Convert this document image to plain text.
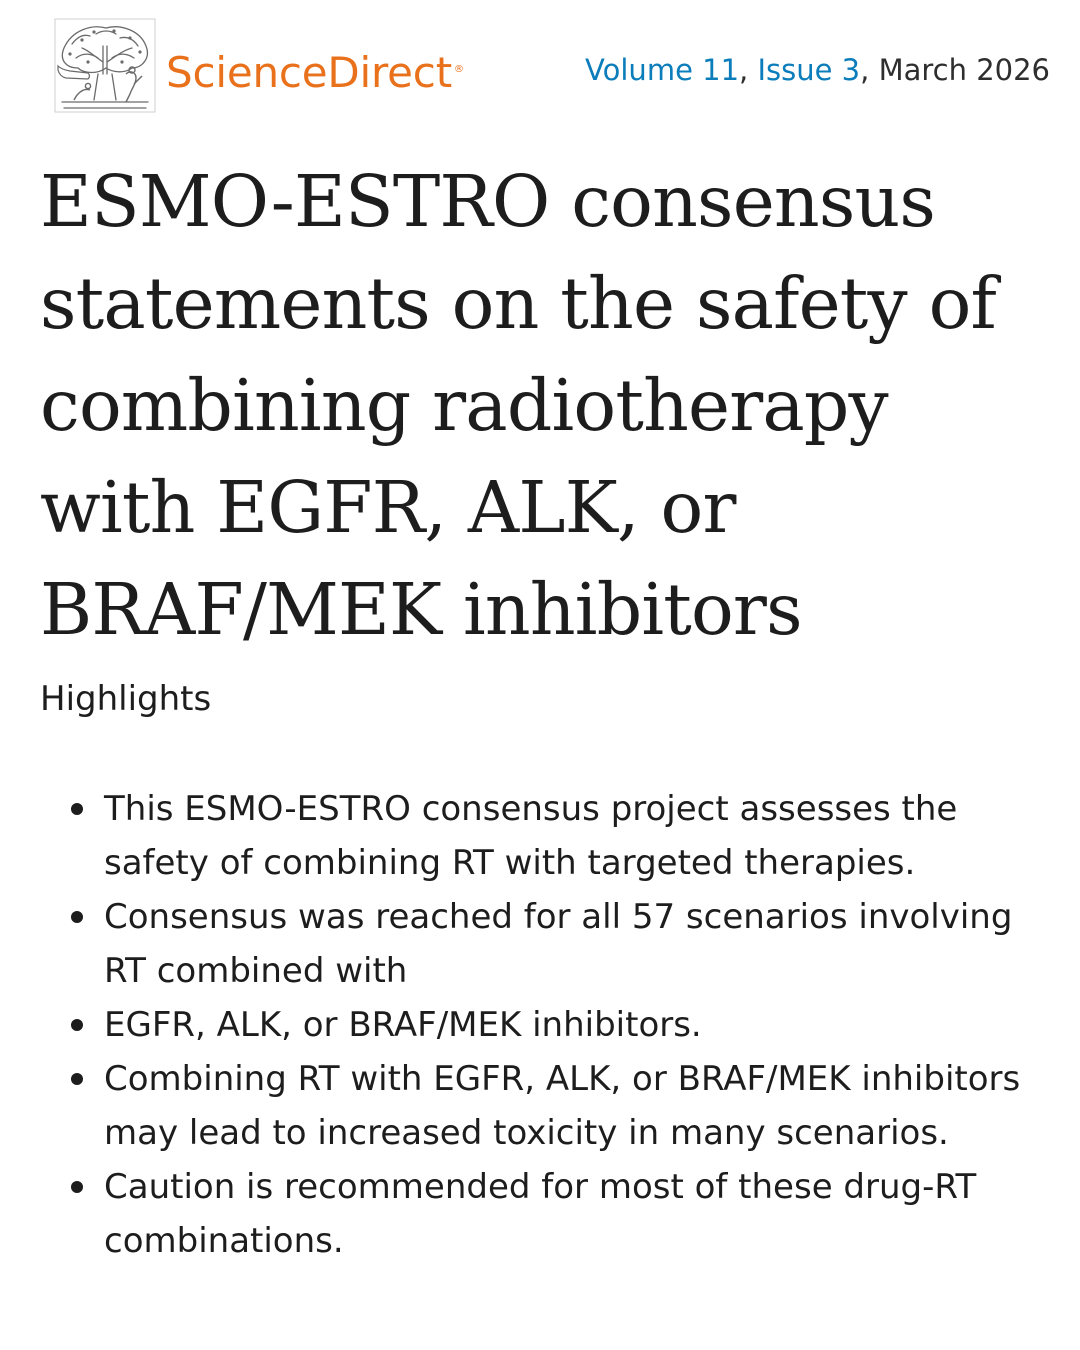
ScienceDirect ®	Volume 11, Issue 3, March 2026
ESMO-ESTRO consensus statements on the safety of combining radiotherapy with EGFR, ALK, or BRAF/MEK inhibitors
Highlights
This ESMO-ESTRO consensus project assesses the safety of combining RT with targeted therapies.
Consensus was reached for all 57 scenarios involving RT combined with
EGFR, ALK, or BRAF/MEK inhibitors.
Combining RT with EGFR, ALK, or BRAF/MEK inhibitors may lead to increased toxicity in many scenarios.
Caution is recommended for most of these drug-RT combinations.
